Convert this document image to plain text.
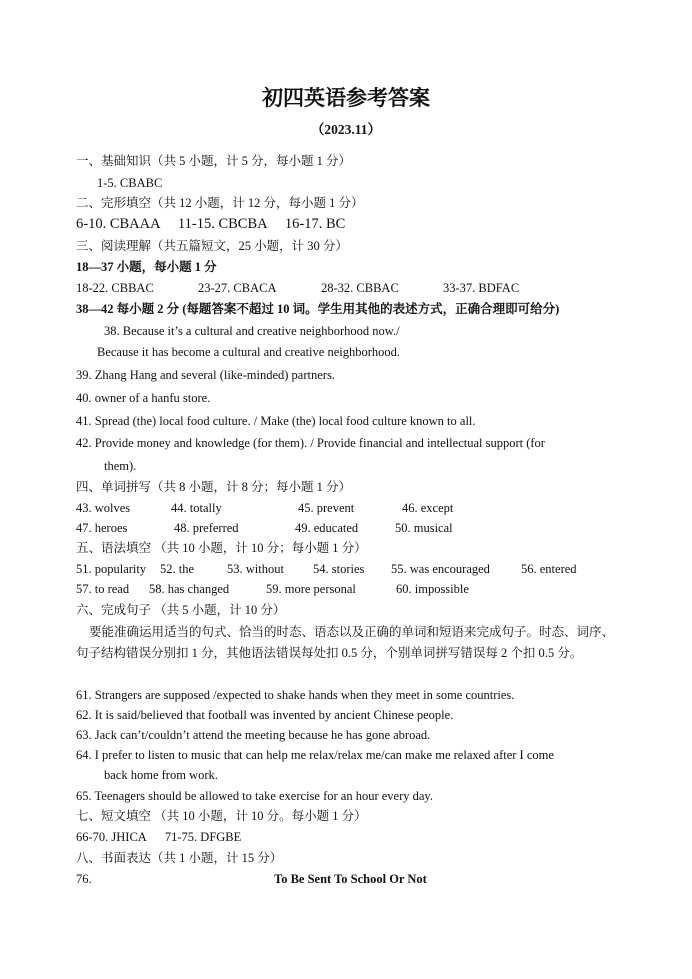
初四英语参考答案
（2023.11）
一、基础知识（共 5 小题，计 5 分，每小题 1 分）
1-5. CBABC
二、完形填空（共 12 小题，计 12 分，每小题 1 分）
6-10. CBAAA     11-15. CBCBA     16-17. BC
三、阅读理解（共五篇短文，25 小题，计 30 分）
18—37 小题，每小题 1 分
18-22. CBBAC	23-27. CBACA	28-32. CBBAC	33-37. BDFAC
38—42 每小题 2 分 (每题答案不超过 10 词。学生用其他的表述方式，正确合理即可给分)
38. Because it’s a cultural and creative neighborhood now./
Because it has become a cultural and creative neighborhood.
39. Zhang Hang and several (like-minded) partners.
40. owner of a hanfu store.
41. Spread (the) local food culture. / Make (the) local food culture known to all.
42. Provide money and knowledge (for them). / Provide financial and intellectual support (for
them).
四、单词拼写（共 8 小题，计 8 分；每小题 1 分）
43. wolves	44. totally	45. prevent	46. except
47. heroes	48. preferred	49. educated	50. musical
五、语法填空 （共 10 小题，计 10 分；每小题 1 分）
51. popularity 52. the	53. without 54. stories 55. was encouraged 56. entered
57. to read 58. has changed	59. more personal	60. impossible
六、完成句子 （共 5 小题，计 10 分）
要能准确运用适当的句式、恰当的时态、语态以及正确的单词和短语来完成句子。时态、词序、句子结构错误分别扣 1 分，其他语法错误每处扣 0.5 分，个别单词拼写错误每 2 个扣 0.5 分。
61. Strangers are supposed /expected to shake hands when they meet in some countries.
62. It is said/believed that football was invented by ancient Chinese people.
63. Jack can’t/couldn’t attend the meeting because he has gone abroad.
64. I prefer to listen to music that can help me relax/relax me/can make me relaxed after I come
back home from work.
65. Teenagers should be allowed to take exercise for an hour every day.
七、短文填空 （共 10 小题，计 10 分。每小题 1 分）
66-70. JHICA      71-75. DFGBE
八、书面表达（共 1 小题，计 15 分）
76.	To Be Sent To School Or Not
